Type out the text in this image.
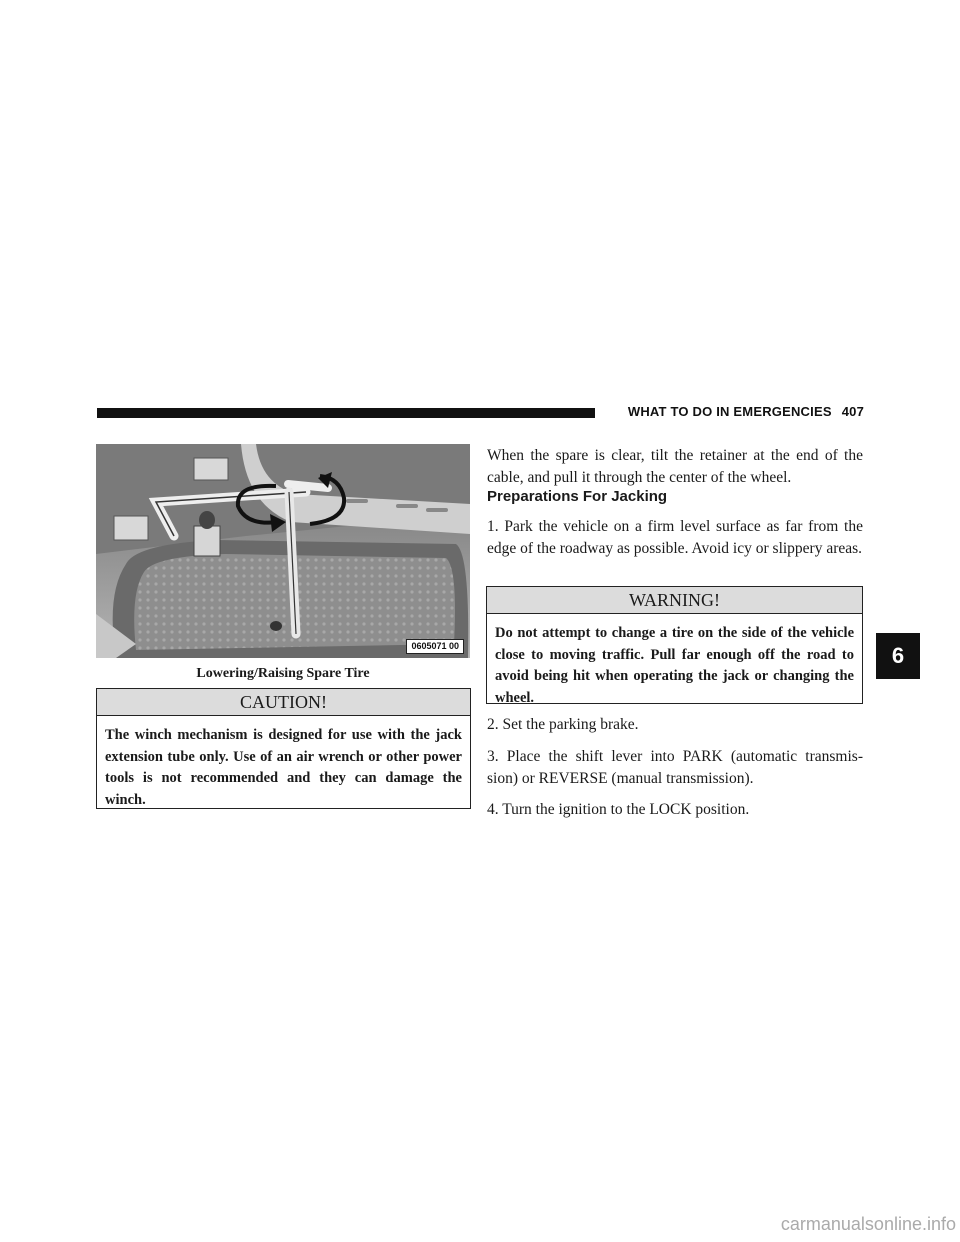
WHAT TO DO IN EMERGENCIES 407
0605071 00
Lowering/Raising Spare Tire
CAUTION!
The winch mechanism is designed for use with the jack extension tube only. Use of an air wrench or other power tools is not recommended and they can damage the winch.
When the spare is clear, tilt the retainer at the end of the cable, and pull it through the center of the wheel.
Preparations For Jacking
1. Park the vehicle on a firm level surface as far from the edge of the roadway as possible. Avoid icy or slippery areas.
WARNING!
Do not attempt to change a tire on the side of the vehicle close to moving traffic. Pull far enough off the road to avoid being hit when operating the jack or changing the wheel.
2. Set the parking brake.
3. Place the shift lever into PARK (automatic transmis- sion) or REVERSE (manual transmission).
4. Turn the ignition to the LOCK position.
6
carmanualsonline.info
